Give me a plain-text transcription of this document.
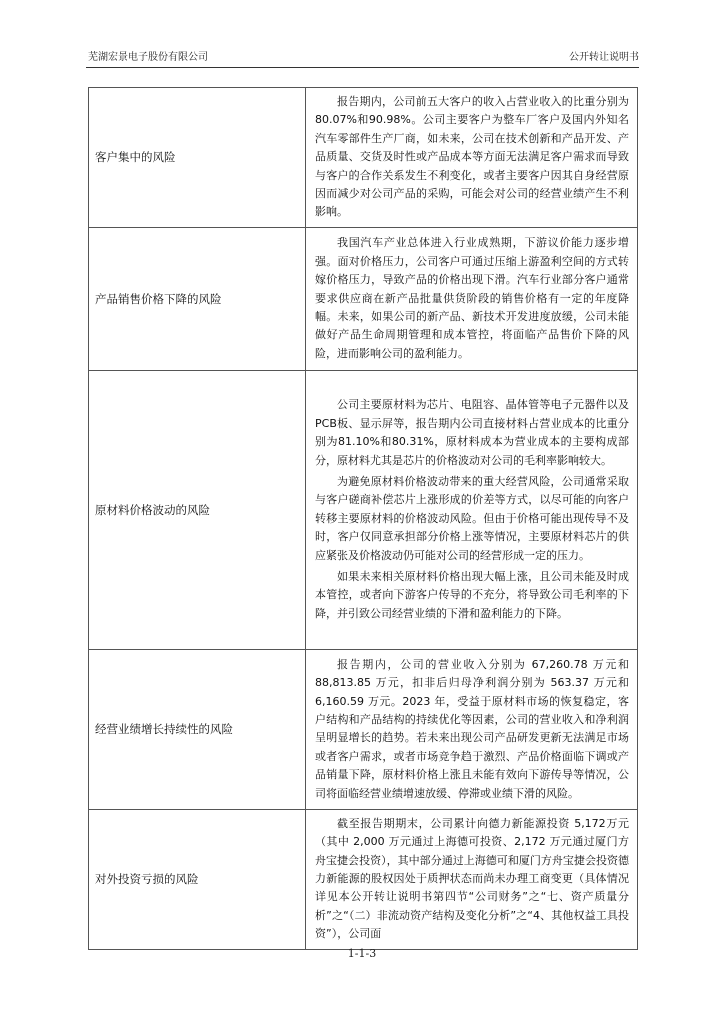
芜湖宏景电子股份有限公司	公开转让说明书
客户集中的风险	报告期内，公司前五大客户的收入占营业收入的比重分别为80.07%和90.98%。公司主要客户为整车厂客户及国内外知名汽车零部件生产厂商，如未来，公司在技术创新和产品开发、产品质量、交货及时性或产品成本等方面无法满足客户需求而导致与客户的合作关系发生不利变化，或者主要客户因其自身经营原因而减少对公司产品的采购，可能会对公司的经营业绩产生不利影响。

产品销售价格下降的风险	我国汽车产业总体进入行业成熟期，下游议价能力逐步增强。面对价格压力，公司客户可通过压缩上游盈利空间的方式转嫁价格压力，导致产品的价格出现下滑。汽车行业部分客户通常要求供应商在新产品批量供货阶段的销售价格有一定的年度降幅。未来，如果公司的新产品、新技术开发进度放缓，公司未能做好产品生命周期管理和成本管控，将面临产品售价下降的风险，进而影响公司的盈利能力。

原材料价格波动的风险	公司主要原材料为芯片、电阻容、晶体管等电子元器件以及PCB板、显示屏等，报告期内公司直接材料占营业成本的比重分别为81.10%和80.31%，原材料成本为营业成本的主要构成部分，原材料尤其是芯片的价格波动对公司的毛利率影响较大。

为避免原材料价格波动带来的重大经营风险，公司通常采取与客户磋商补偿芯片上涨形成的价差等方式，以尽可能的向客户转移主要原材料的价格波动风险。但由于价格可能出现传导不及时，客户仅同意承担部分价格上涨等情况，主要原材料芯片的供应紧张及价格波动仍可能对公司的经营形成一定的压力。

如果未来相关原材料价格出现大幅上涨，且公司未能及时成本管控，或者向下游客户传导的不充分，将导致公司毛利率的下降，并引致公司经营业绩的下滑和盈利能力的下降。

经营业绩增长持续性的风险	报告期内，公司的营业收入分别为 67,260.78 万元和88,813.85 万元，扣非后归母净利润分别为 563.37 万元和6,160.59 万元。2023 年，受益于原材料市场的恢复稳定，客户结构和产品结构的持续优化等因素，公司的营业收入和净利润呈明显增长的趋势。若未来出现公司产品研发更新无法满足市场或者客户需求，或者市场竞争趋于激烈、产品价格面临下调或产品销量下降，原材料价格上涨且未能有效向下游传导等情况，公司将面临经营业绩增速放缓、停滞或业绩下滑的风险。

对外投资亏损的风险	截至报告期期末，公司累计向德力新能源投资 5,172万元（其中 2,000 万元通过上海德可投资、2,172 万元通过厦门方舟宝捷会投资），其中部分通过上海德可和厦门方舟宝捷会投资德力新能源的股权因处于质押状态而尚未办理工商变更（具体情况详见本公开转让说明书第四节“公司财务”之“七、资产质量分析”之“（二）非流动资产结构及变化分析”之“4、其他权益工具投资”），公司面

1-1-3
